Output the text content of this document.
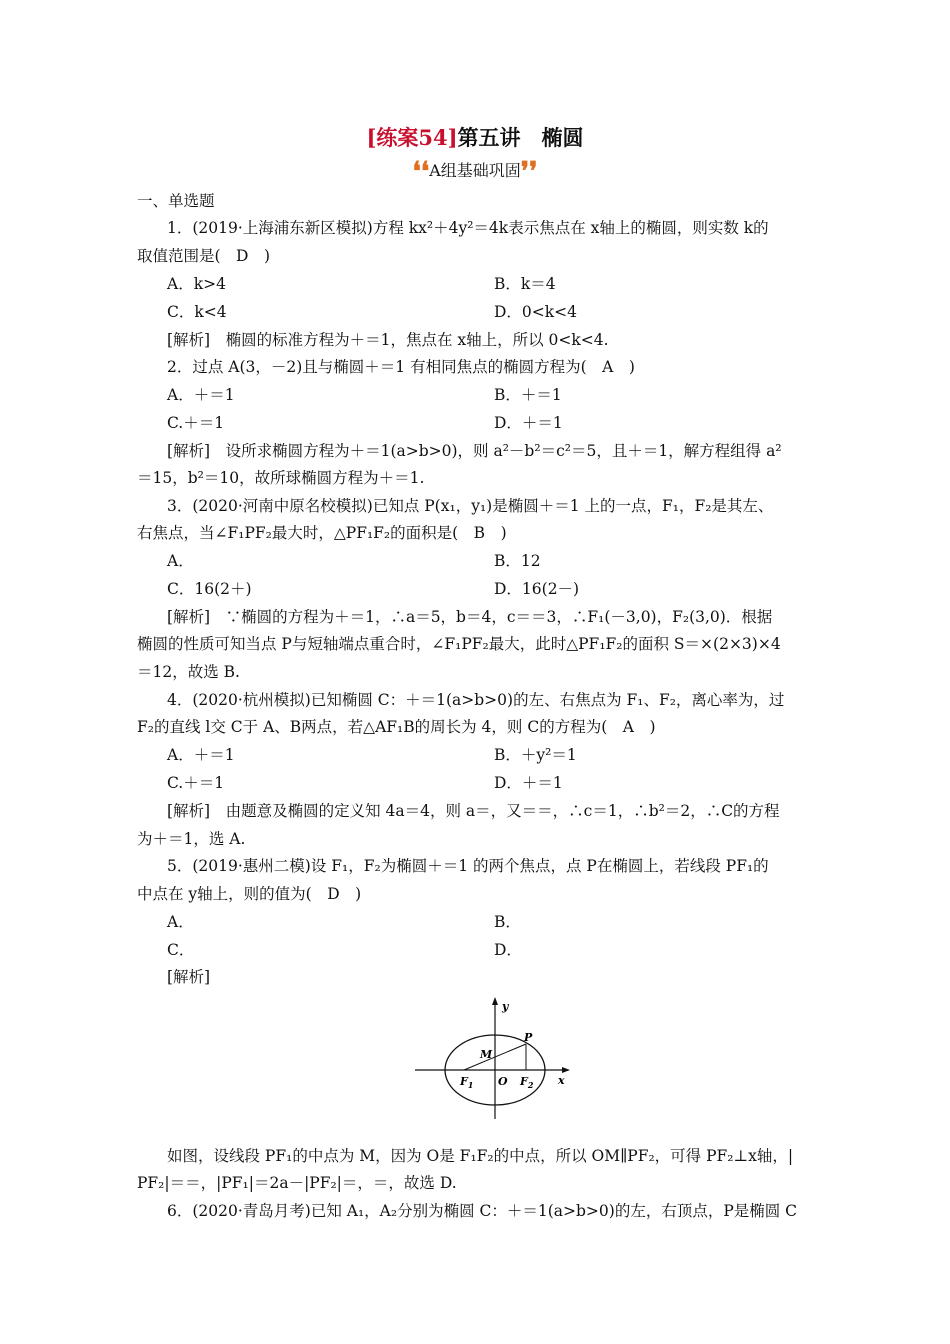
[练案54]第五讲　椭圆
❛❛A组基础巩固❜❜
一、单选题
1．(2019·上海浦东新区模拟)方程 kx²＋4y²＝4k表示焦点在 x轴上的椭圆，则实数 k的
取值范围是(　D　)
[解析]　椭圆的标准方程为＋＝1，焦点在 x轴上，所以 0<k<4.
2．过点 A(3，－2)且与椭圆＋＝1 有相同焦点的椭圆方程为(　A　)
[解析]　设所求椭圆方程为＋＝1(a>b>0)，则 a²－b²＝c²＝5，且＋＝1，解方程组得 a²
＝15，b²＝10，故所球椭圆方程为＋＝1.
3．(2020·河南中原名校模拟)已知点 P(x₁，y₁)是椭圆＋＝1 上的一点，F₁，F₂是其左、
右焦点，当∠F₁PF₂最大时，△PF₁F₂的面积是(　B　)
[解析]　∵椭圆的方程为＋＝1，∴a＝5，b＝4，c＝＝3，∴F₁(－3,0)，F₂(3,0)．根据
椭圆的性质可知当点 P与短轴端点重合时，∠F₁PF₂最大，此时△PF₁F₂的面积 S＝×(2×3)×4
＝12，故选 B.
4．(2020·杭州模拟)已知椭圆 C：＋＝1(a>b>0)的左、右焦点为 F₁、F₂，离心率为，过
F₂的直线 l交 C于 A、B两点，若△AF₁B的周长为 4，则 C的方程为(　A　)
[解析]　由题意及椭圆的定义知 4a＝4，则 a＝，又＝＝，∴c＝1，∴b²＝2，∴C的方程
为＋＝1，选 A.
5．(2019·惠州二模)设 F₁，F₂为椭圆＋＝1 的两个焦点，点 P在椭圆上，若线段 PF₁的
中点在 y轴上，则的值为(　D　)
[解析]
如图，设线段 PF₁的中点为 M，因为 O是 F₁F₂的中点，所以 OM∥PF₂，可得 PF₂⊥x轴，|
PF₂|＝＝，|PF₁|＝2a－|PF₂|＝，＝，故选 D.
6．(2020·青岛月考)已知 A₁，A₂分别为椭圆 C：＋＝1(a>b>0)的左，右顶点，P是椭圆 C
A．k>4	B．k＝4
C．k<4	D．0<k<4
A．＋＝1	B．＋＝1
C.＋＝1	D．＋＝1
A．	B．12
C．16(2＋)	D．16(2－)
A．＋＝1	B．＋y²＝1
C.＋＝1	D．＋＝1
A．	B．
C．	D．
y
x
P
M
$F_1$ O $F_2$
